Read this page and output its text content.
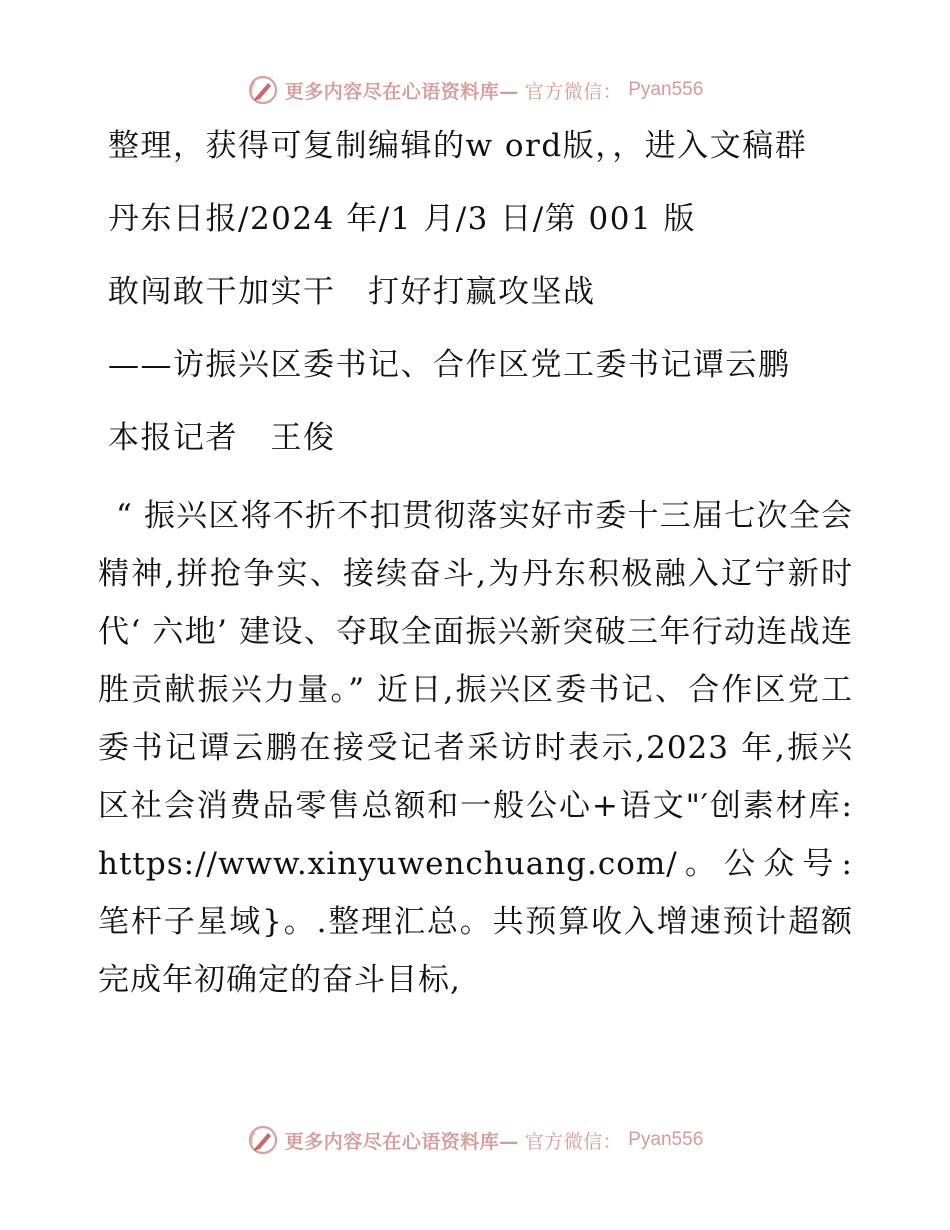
更多内容尽在心语资料库— 官方微信： Pyan556

整理，获得可复制编辑的w ord版，，进入文稿群

丹东日报/2024 年/1 月/3 日/第 001 版

敢闯敢干加实干　打好打赢攻坚战

——访振兴区委书记、合作区党工委书记谭云鹏

本报记者　王俊

“ 振兴区将不折不扣贯彻落实好市委十三届七次全会精神,拼抢争实、接续奋斗,为丹东积极融入辽宁新时代‘ 六地’ 建设、夺取全面振兴新突破三年行动连战连胜贡献振兴力量。” 近日,振兴区委书记、合作区党工委书记谭云鹏在接受记者采访时表示,2023 年,振兴区社会消费品零售总额和一般公心+语文"′创素材库: https://www.xinyuwenchuang.com/。公众号: 笔杆子星域}。.整理汇总。共预算收入增速预计超额完成年初确定的奋斗目标,

更多内容尽在心语资料库— 官方微信： Pyan556
